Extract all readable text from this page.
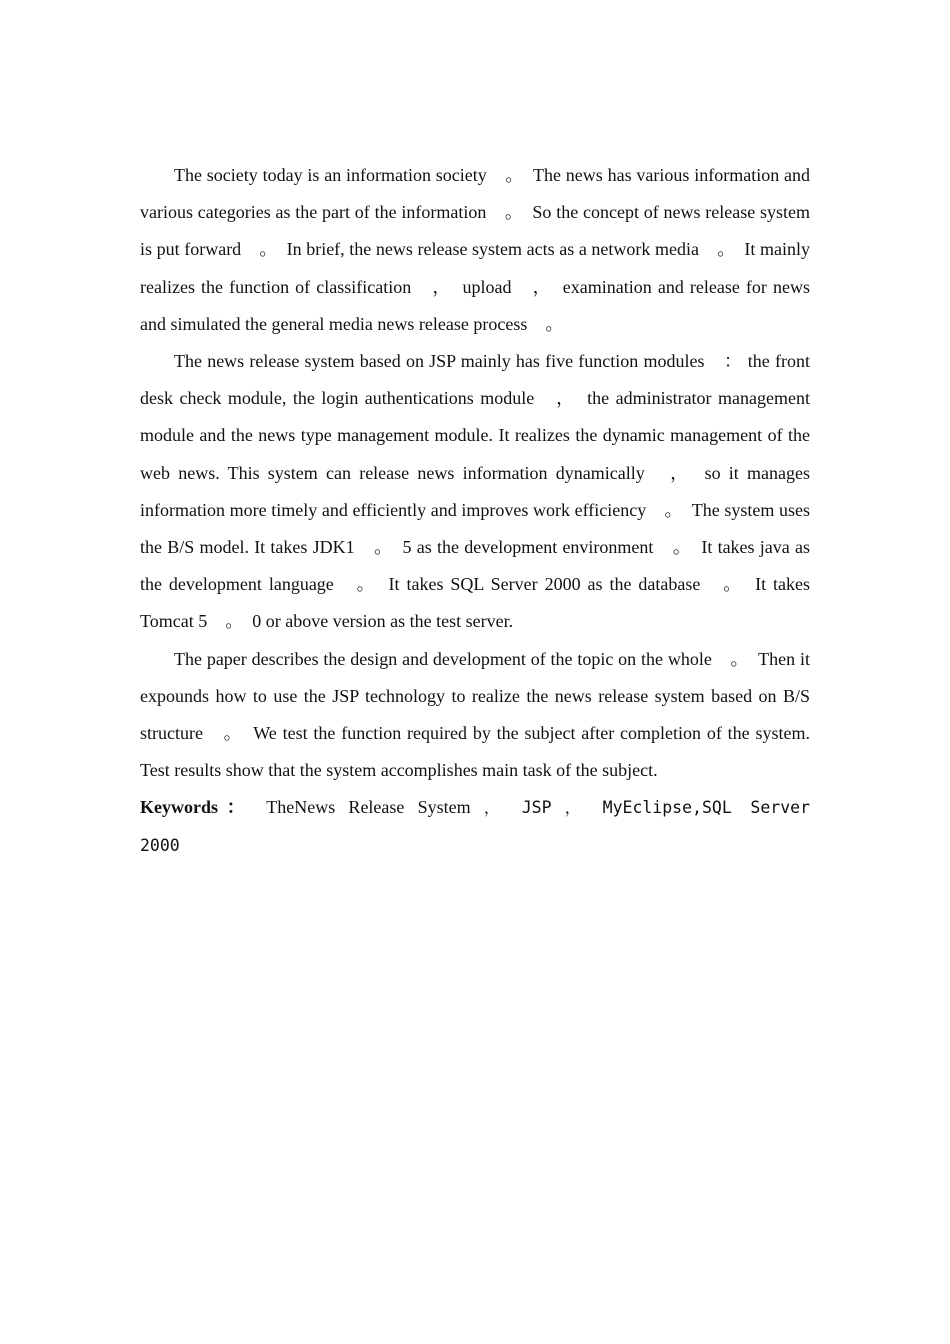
The society today is an information society　。　The news has various information and various categories as the part of the information　。　So the concept of news release system is put forward　。　In brief, the news release system acts as a network media　。　It mainly realizes the function of classification　，　upload　，　examination and release for news and simulated the general media news release process　。

The news release system based on JSP mainly has five function modules　： the front desk check module, the login authentications module　，　the administrator management module and the news type management module. It realizes the dynamic management of the web news. This system can release news information dynamically　，　so it manages information more timely and efficiently and improves work efficiency　。　The system uses the B/S model. It takes JDK1　。　5 as the development environment　。　It takes java as the development language　。　It takes SQL Server 2000 as the database　。　It takes Tomcat 5　。　0 or above version as the test server.

The paper describes the design and development of the topic on the whole　。　Then it expounds how to use the JSP technology to realize the news release system based on B/S structure　。　We test the function required by the subject after completion of the system. Test results show that the system accomplishes main task of the subject.

Keywords： TheNews Release System ， JSP ， MyEclipse,SQL Server

2000
